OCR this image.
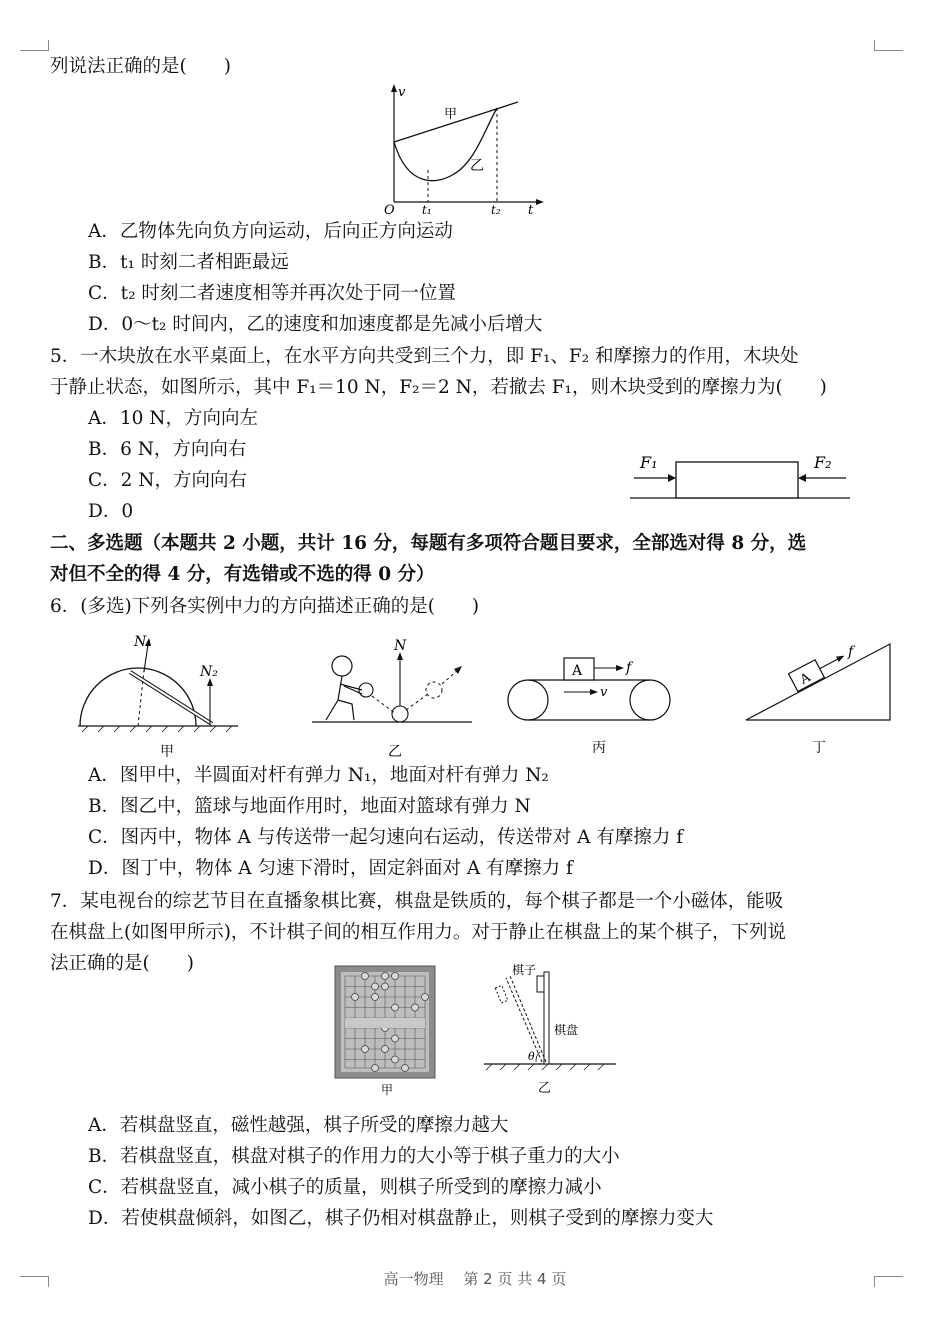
列说法正确的是(　　)
v
甲
乙
O t₁	t₂ t
A．乙物体先向负方向运动，后向正方向运动
B．t₁ 时刻二者相距最远
C．t₂ 时刻二者速度相等并再次处于同一位置
D．0～t₂ 时间内，乙的速度和加速度都是先减小后增大
5．一木块放在水平桌面上，在水平方向共受到三个力，即 F₁、F₂ 和摩擦力的作用，木块处
于静止状态，如图所示，其中 F₁＝10 N，F₂＝2 N，若撤去 F₁，则木块受到的摩擦力为(　　)
A．10 N，方向向左
B．6 N，方向向右
C．2 N，方向向右
D．0
F₁	F₂
二、多选题（本题共 2 小题，共计 16 分，每题有多项符合题目要求，全部选对得 8 分，选
对但不全的得 4 分，有选错或不选的得 0 分）
6．(多选)下列各实例中力的方向描述正确的是(　　)
N₁
N₂
甲
N
乙
A	f
v
丙
A
f
丁
A．图甲中，半圆面对杆有弹力 N₁，地面对杆有弹力 N₂
B．图乙中，篮球与地面作用时，地面对篮球有弹力 N
C．图丙中，物体 A 与传送带一起匀速向右运动，传送带对 A 有摩擦力 f
D．图丁中，物体 A 匀速下滑时，固定斜面对 A 有摩擦力 f
7．某电视台的综艺节目在直播象棋比赛，棋盘是铁质的，每个棋子都是一个小磁体，能吸
在棋盘上(如图甲所示)，不计棋子间的相互作用力。对于静止在棋盘上的某个棋子，下列说
法正确的是(　　)
甲
θ
棋子
棋盘
乙
A．若棋盘竖直，磁性越强，棋子所受的摩擦力越大
B．若棋盘竖直，棋盘对棋子的作用力的大小等于棋子重力的大小
C．若棋盘竖直，减小棋子的质量，则棋子所受到的摩擦力减小
D．若使棋盘倾斜，如图乙，棋子仍相对棋盘静止，则棋子受到的摩擦力变大
高一物理　 第 2 页 共 4 页
